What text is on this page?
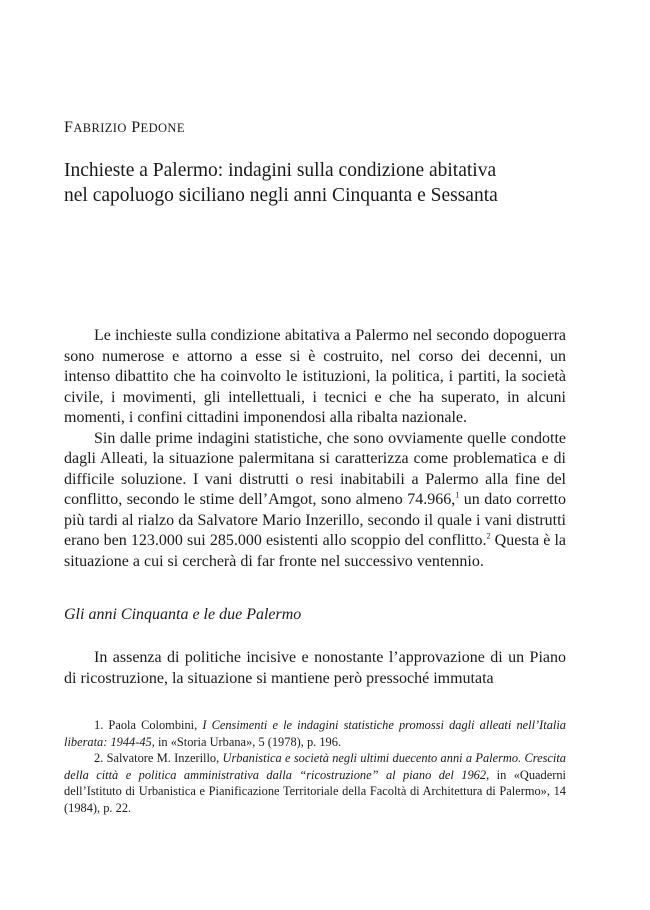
FABRIZIO PEDONE
Inchieste a Palermo: indagini sulla condizione abitativa
nel capoluogo siciliano negli anni Cinquanta e Sessanta

Le inchieste sulla condizione abitativa a Palermo nel secondo dopoguerra sono numerose e attorno a esse si è costruito, nel corso dei decenni, un intenso dibattito che ha coinvolto le istituzioni, la politica, i partiti, la società civile, i movimenti, gli intellettuali, i tecnici e che ha superato, in alcuni momenti, i confini cittadini imponendosi alla ribalta nazionale.

Sin dalle prime indagini statistiche, che sono ovviamente quelle condotte dagli Alleati, la situazione palermitana si caratterizza come problematica e di difficile soluzione. I vani distrutti o resi inabitabili a Palermo alla fine del conflitto, secondo le stime dell’Amgot, sono almeno 74.966,$^1$ un dato corretto più tardi al rialzo da Salvatore Mario Inzerillo, secondo il quale i vani distrutti erano ben 123.000 sui 285.000 esistenti allo scoppio del conflitto.$^2$ Questa è la situazione a cui si cercherà di far fronte nel successivo ventennio.

Gli anni Cinquanta e le due Palermo

In assenza di politiche incisive e nonostante l’approvazione di un Piano di ricostruzione, la situazione si mantiene però pressoché immutata

1. Paola Colombini, I Censimenti e le indagini statistiche promossi dagli alleati nell’Italia liberata: 1944-45, in «Storia Urbana», 5 (1978), p. 196.

2. Salvatore M. Inzerillo, Urbanistica e società negli ultimi duecento anni a Palermo. Crescita della città e politica amministrativa dalla “ricostruzione” al piano del 1962, in «Quaderni dell’Istituto di Urbanistica e Pianificazione Territoriale della Facoltà di Architettura di Palermo», 14 (1984), p. 22.
